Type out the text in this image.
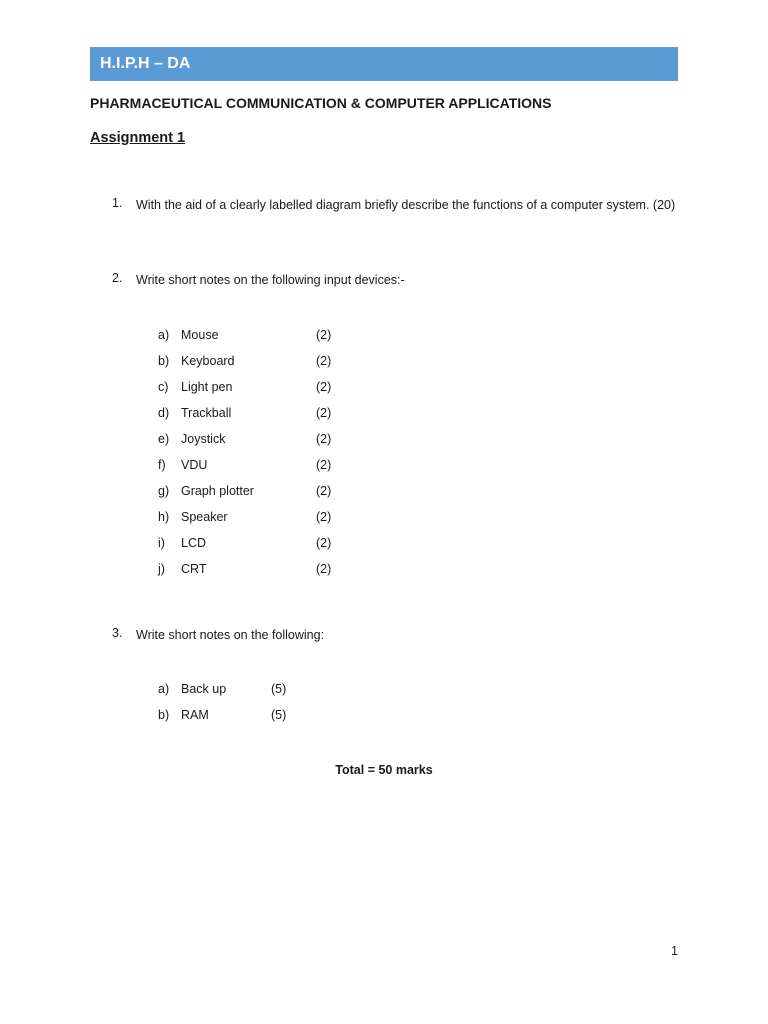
H.I.P.H – DA
PHARMACEUTICAL COMMUNICATION & COMPUTER APPLICATIONS
Assignment 1
1. With the aid of a clearly labelled diagram briefly describe the functions of a computer system. (20)
2. Write short notes on the following input devices:-
a) Mouse	(2)
b) Keyboard	(2)
c) Light pen	(2)
d) Trackball	(2)
e) Joystick	(2)
f) VDU	(2)
g) Graph plotter	(2)
h) Speaker	(2)
i) LCD	(2)
j) CRT	(2)
3. Write short notes on the following:
a) Back up	(5)
b) RAM	(5)
Total = 50 marks
1
